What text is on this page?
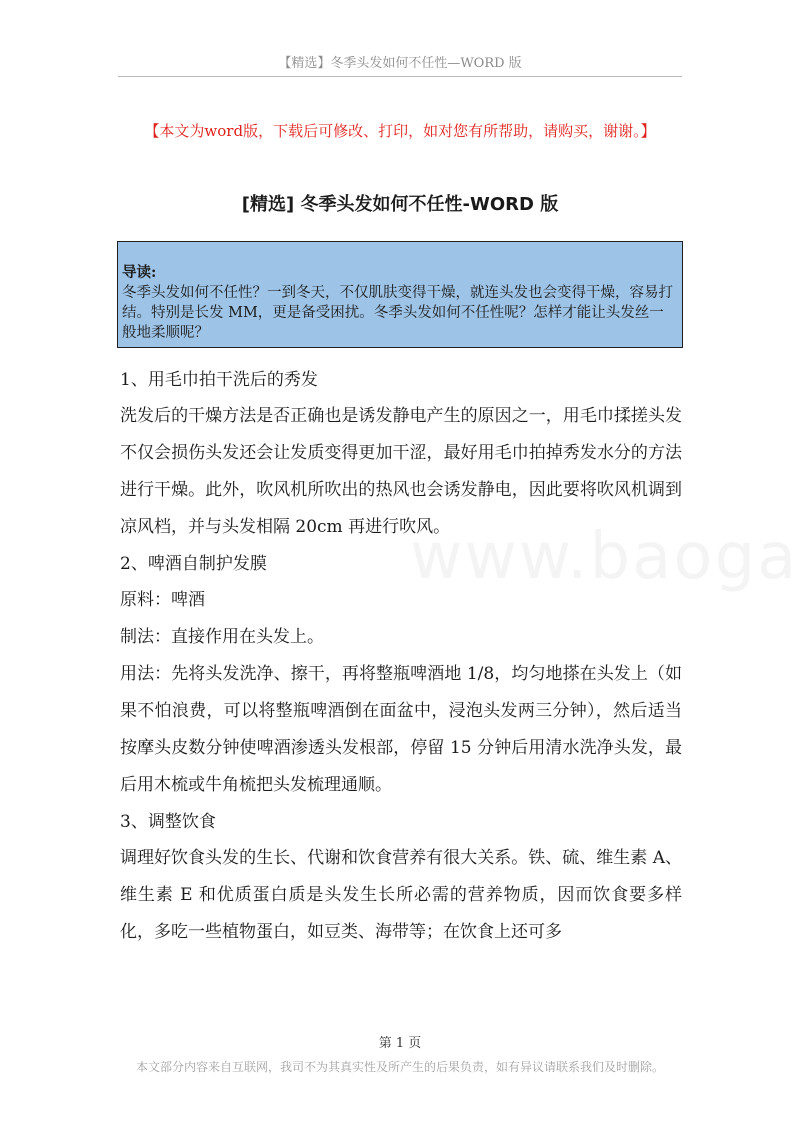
【精选】冬季头发如何不任性—WORD 版
【本文为word版，下载后可修改、打印，如对您有所帮助，请购买，谢谢。】
[精选] 冬季头发如何不任性-WORD 版
导读:
冬季头发如何不任性？一到冬天，不仅肌肤变得干燥，就连头发也会变得干燥，容易打结。特别是长发 MM，更是备受困扰。冬季头发如何不任性呢？怎样才能让头发丝一般地柔顺呢？

1、用毛巾拍干洗后的秀发

洗发后的干燥方法是否正确也是诱发静电产生的原因之一，用毛巾揉搓头发不仅会损伤头发还会让发质变得更加干涩，最好用毛巾拍掉秀发水分的方法进行干燥。此外，吹风机所吹出的热风也会诱发静电，因此要将吹风机调到凉风档，并与头发相隔 20cm 再进行吹风。

2、啤酒自制护发膜

原料：啤酒

制法：直接作用在头发上。

用法：先将头发洗净、擦干，再将整瓶啤酒地 1/8，均匀地搽在头发上（如果不怕浪费，可以将整瓶啤酒倒在面盆中，浸泡头发两三分钟），然后适当按摩头皮数分钟使啤酒渗透头发根部，停留 15 分钟后用清水洗净头发，最后用木梳或牛角梳把头发梳理通顺。

3、调整饮食

调理好饮食头发的生长、代谢和饮食营养有很大关系。铁、硫、维生素 A、维生素 E 和优质蛋白质是头发生长所必需的营养物质，因而饮食要多样化，多吃一些植物蛋白，如豆类、海带等；在饮食上还可多

第 1 页
本文部分内容来自互联网，我司不为其真实性及所产生的后果负责，如有异议请联系我们及时删除。
